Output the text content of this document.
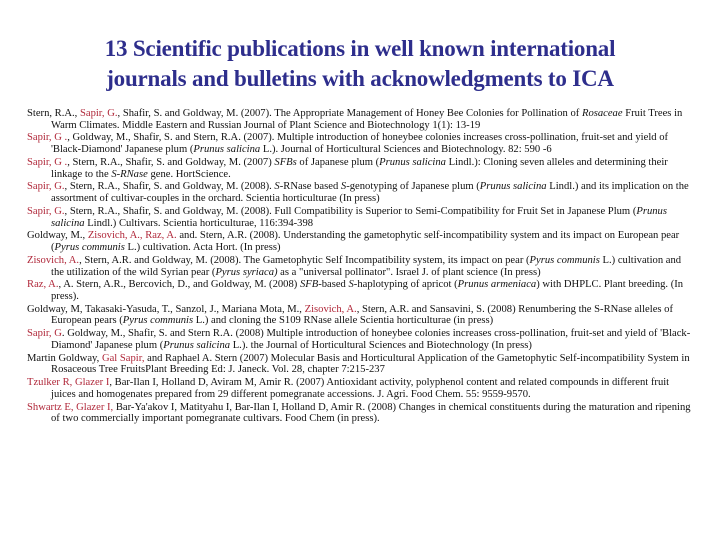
13 Scientific publications in well known international
journals and bulletins with acknowledgments to ICA
Stern, R.A., Sapir, G., Shafir, S. and Goldway, M. (2007). The Appropriate Management of Honey Bee Colonies for Pollination of Rosaceae Fruit Trees in Warm Climates. Middle Eastern and Russian Journal of Plant Science and Biotechnology 1(1): 13-19
Sapir, G ., Goldway, M., Shafir, S. and Stern, R.A. (2007). Multiple introduction of honeybee colonies increases cross-pollination, fruit-set and yield of 'Black-Diamond' Japanese plum (Prunus salicina L.). Journal of Horticultural Sciences and Biotechnology. 82: 590 -6
Sapir, G ., Stern, R.A., Shafir, S. and Goldway, M. (2007) SFBs of Japanese plum (Prunus salicina Lindl.): Cloning seven alleles and determining their linkage to the S-RNase gene. HortScience.
Sapir, G., Stern, R.A., Shafir, S. and Goldway, M. (2008). S-RNase based S-genotyping of Japanese plum (Prunus salicina Lindl.) and its implication on the assortment of cultivar-couples in the orchard. Scientia horticulturae (In press)
Sapir, G., Stern, R.A., Shafir, S. and Goldway, M. (2008). Full Compatibility is Superior to Semi-Compatibility for Fruit Set in Japanese Plum (Prunus salicina Lindl.) Cultivars. Scientia horticulturae, 116:394-398
Goldway, M., Zisovich, A., Raz, A. and. Stern, A.R. (2008). Understanding the gametophytic self-incompatibility system and its impact on European pear (Pyrus communis L.) cultivation. Acta Hort. (In press)
Zisovich, A., Stern, A.R. and Goldway, M. (2008). The Gametophytic Self Incompatibility system, its impact on pear (Pyrus communis L.) cultivation and the utilization of the wild Syrian pear (Pyrus syriaca) as a "universal pollinator". Israel J. of plant science (In press)
Raz, A., A. Stern, A.R., Bercovich, D., and Goldway, M. (2008) SFB-based S-haplotyping of apricot (Prunus armeniaca) with DHPLC. Plant breeding. (In press).
Goldway, M, Takasaki-Yasuda, T., Sanzol, J., Mariana Mota, M., Zisovich, A., Stern, A.R. and Sansavini, S. (2008) Renumbering the S-RNase alleles of European pears (Pyrus communis L.) and cloning the S109 RNase allele Scientia horticulturae (in press)
Sapir, G. Goldway, M., Shafir, S. and Stern R.A. (2008) Multiple introduction of honeybee colonies increases cross-pollination, fruit-set and yield of 'Black-Diamond' Japanese plum (Prunus salicina L.). the Journal of Horticultural Sciences and Biotechnology (In press)
Martin Goldway, Gal Sapir, and Raphael A. Stern (2007) Molecular Basis and Horticultural Application of the Gametophytic Self-incompatibility System in Rosaceous Tree FruitsPlant Breeding Ed: J. Janeck. Vol. 28, chapter 7:215-237
Tzulker R, Glazer I, Bar-Ilan I, Holland D, Aviram M, Amir R. (2007) Antioxidant activity, polyphenol content and related compounds in different fruit juices and homogenates prepared from 29 different pomegranate accessions. J. Agri. Food Chem. 55: 9559-9570.
Shwartz E, Glazer I, Bar-Ya'akov I, Matityahu I, Bar-Ilan I, Holland D, Amir R. (2008) Changes in chemical constituents during the maturation and ripening of two commercially important pomegranate cultivars. Food Chem (in press).
